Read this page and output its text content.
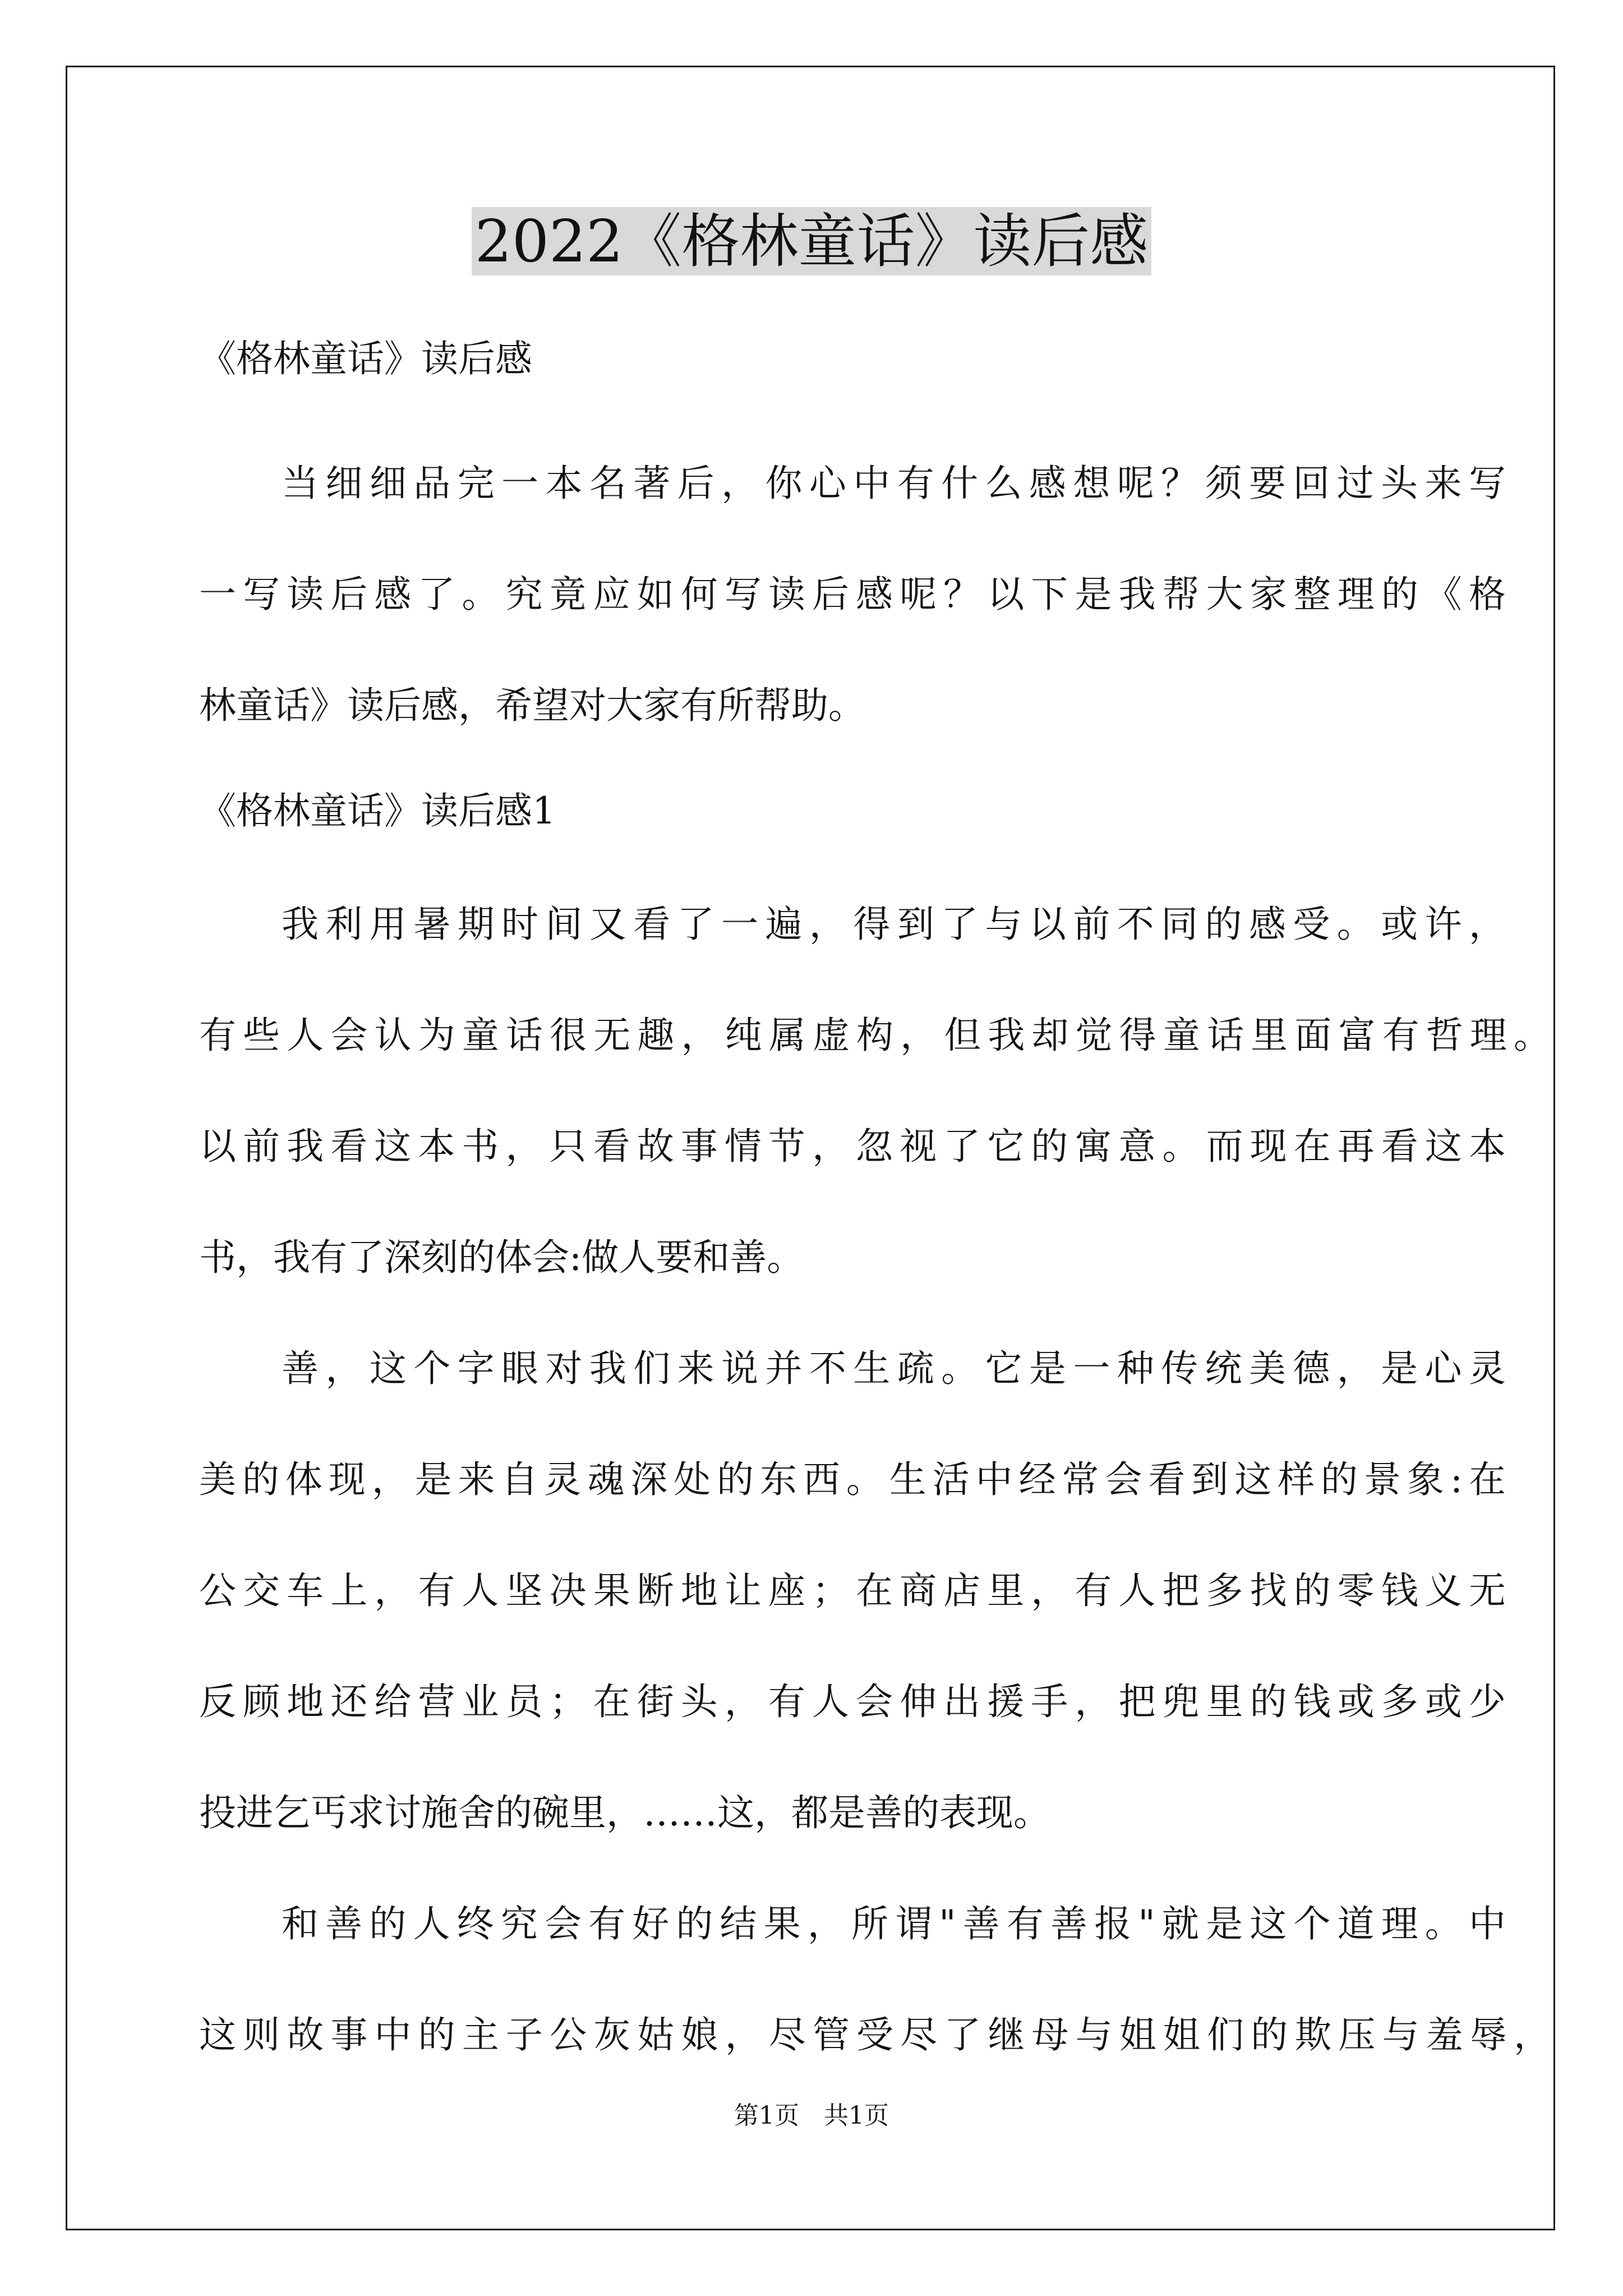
2022《格林童话》读后感
《格林童话》读后感
当细细品完一本名著后，你心中有什么感想呢？须要回过头来写
一写读后感了。究竟应如何写读后感呢？以下是我帮大家整理的《格
林童话》读后感，希望对大家有所帮助。
《格林童话》读后感1
我利用暑期时间又看了一遍，得到了与以前不同的感受。或许，
有些人会认为童话很无趣，纯属虚构，但我却觉得童话里面富有哲理。
以前我看这本书，只看故事情节，忽视了它的寓意。而现在再看这本
书，我有了深刻的体会:做人要和善。
善，这个字眼对我们来说并不生疏。它是一种传统美德，是心灵
美的体现，是来自灵魂深处的东西。生活中经常会看到这样的景象:在
公交车上，有人坚决果断地让座；在商店里，有人把多找的零钱义无
反顾地还给营业员；在街头，有人会伸出援手，把兜里的钱或多或少
投进乞丐求讨施舍的碗里，……这，都是善的表现。
和善的人终究会有好的结果，所谓"善有善报"就是这个道理。中
这则故事中的主子公灰姑娘，尽管受尽了继母与姐姐们的欺压与羞辱，
第1页　共1页
